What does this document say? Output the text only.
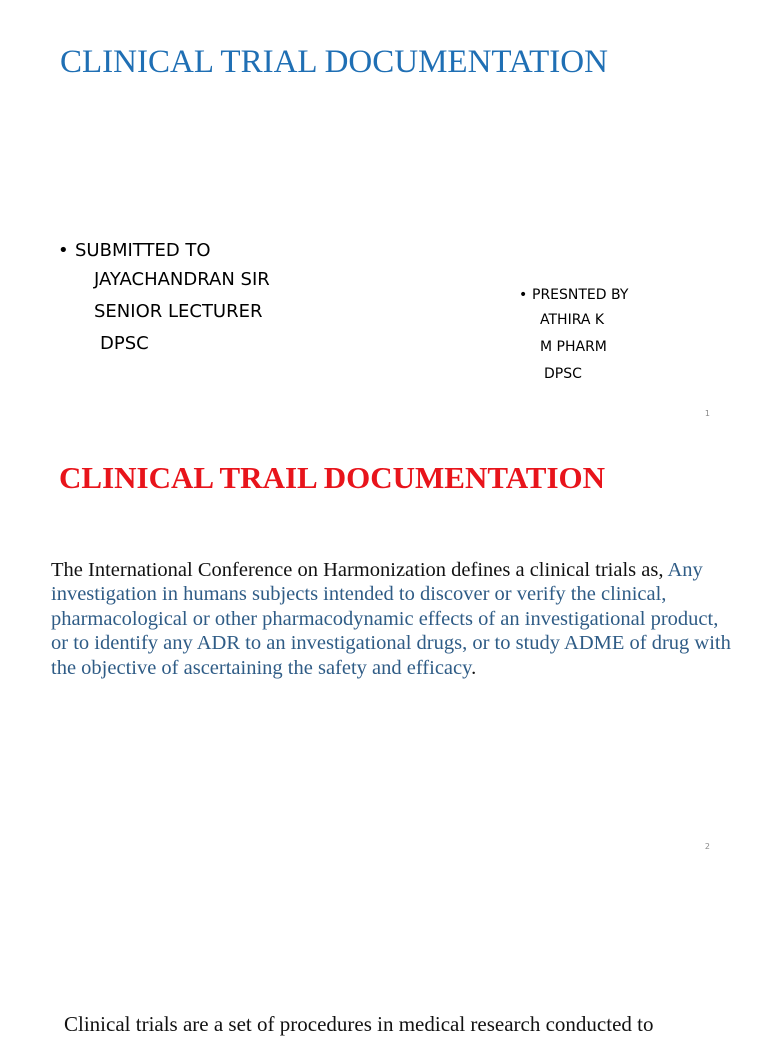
CLINICAL TRIAL DOCUMENTATION
• SUBMITTED TO
JAYACHANDRAN SIR
SENIOR LECTURER
DPSC
• PRESNTED BY
ATHIRA K
M PHARM
DPSC
1
CLINICAL TRAIL DOCUMENTATION

The International Conference on Harmonization defines a clinical trials as, Any investigation in humans subjects intended to discover or verify the clinical, pharmacological or other pharmacodynamic effects of an investigational product, or to identify any ADR to an investigational drugs, or to study ADME of drug with the objective of ascertaining the safety and efficacy.

2

Clinical trials are a set of procedures in medical research conducted to
